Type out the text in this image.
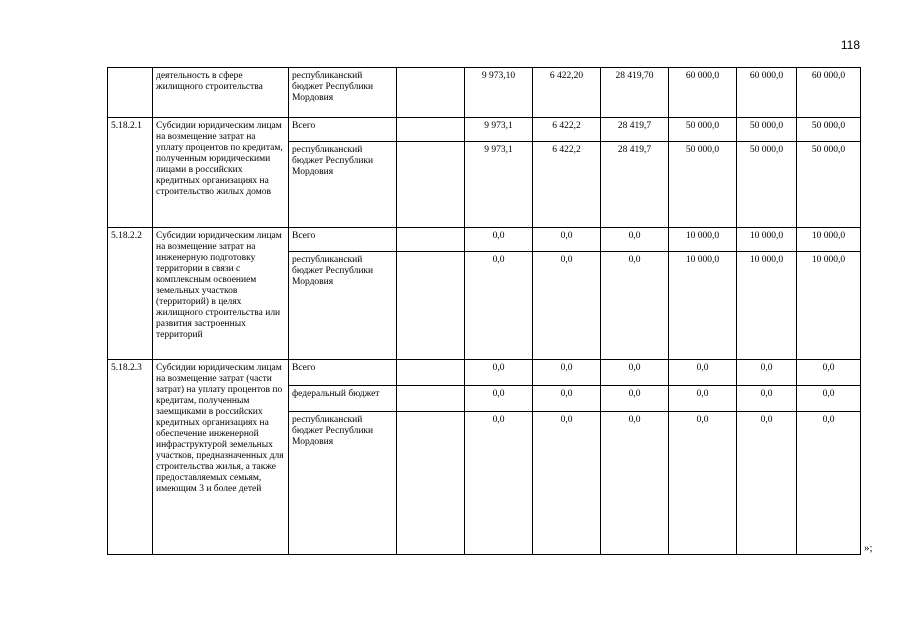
118
	деятельность в сфере жилищного строительства	республиканский бюджет Республики Мордовия		9 973,10	6 422,20	28 419,70	60 000,0	60 000,0	60 000,0
5.18.2.1	Субсидии юридическим лицам на возмещение затрат на уплату процентов по кредитам, полученным юридическими лицами в российских кредитных организациях на строительство жилых домов	Всего		9 973,1	6 422,2	28 419,7	50 000,0	50 000,0	50 000,0
		республиканский бюджет Республики Мордовия		9 973,1	6 422,2	28 419,7	50 000,0	50 000,0	50 000,0
5.18.2.2	Субсидии юридическим лицам на возмещение затрат на инженерную подготовку территории в связи с комплексным освоением земельных участков (территорий) в целях жилищного строительства или развития застроенных территорий	Всего		0,0	0,0	0,0	10 000,0	10 000,0	10 000,0
		республиканский бюджет Республики Мордовия		0,0	0,0	0,0	10 000,0	10 000,0	10 000,0
5.18.2.3	Субсидии юридическим лицам на возмещение затрат (части затрат) на уплату процентов по кредитам, полученным заемщиками в российских кредитных организациях на обеспечение инженерной инфраструктурой земельных участков, предназначенных для строительства жилья, а также предоставляемых семьям, имеющим 3 и более детей	Всего		0,0	0,0	0,0	0,0	0,0	0,0
		федеральный бюджет		0,0	0,0	0,0	0,0	0,0	0,0
		республиканский бюджет Республики Мордовия		0,0	0,0	0,0	0,0	0,0	0,0
»;
